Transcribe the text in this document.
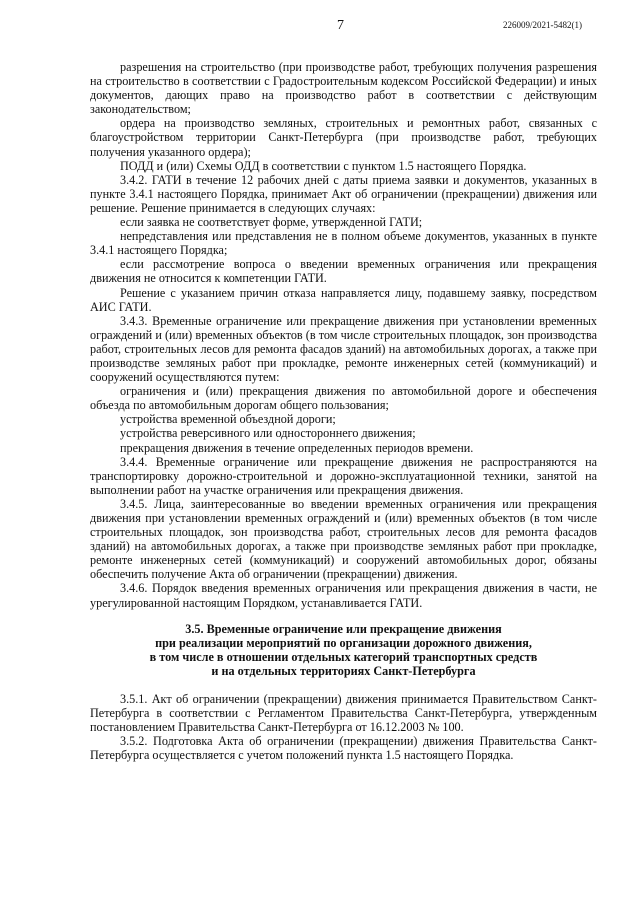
7	226009/2021-5482(1)

разрешения на строительство (при производстве работ, требующих получения разрешения на строительство в соответствии с Градостроительным кодексом Российской Федерации) и иных документов, дающих право на производство работ в соответствии с действующим законодательством;

ордера на производство земляных, строительных и ремонтных работ, связанных с благоустройством территории Санкт-Петербурга (при производстве работ, требующих получения указанного ордера);

ПОДД и (или) Схемы ОДД в соответствии с пунктом 1.5 настоящего Порядка.

3.4.2. ГАТИ в течение 12 рабочих дней с даты приема заявки и документов, указанных в пункте 3.4.1 настоящего Порядка, принимает Акт об ограничении (прекращении) движения или решение. Решение принимается в следующих случаях:

если заявка не соответствует форме, утвержденной ГАТИ;

непредставления или представления не в полном объеме документов, указанных в пункте 3.4.1 настоящего Порядка;

если рассмотрение вопроса о введении временных ограничения или прекращения движения не относится к компетенции ГАТИ.

Решение с указанием причин отказа направляется лицу, подавшему заявку, посредством АИС ГАТИ.

3.4.3. Временные ограничение или прекращение движения при установлении временных ограждений и (или) временных объектов (в том числе строительных площадок, зон производства работ, строительных лесов для ремонта фасадов зданий) на автомобильных дорогах, а также при производстве земляных работ при прокладке, ремонте инженерных сетей (коммуникаций) и сооружений осуществляются путем:

ограничения и (или) прекращения движения по автомобильной дороге и обеспечения объезда по автомобильным дорогам общего пользования;

устройства временной объездной дороги;

устройства реверсивного или одностороннего движения;

прекращения движения в течение определенных периодов времени.

3.4.4. Временные ограничение или прекращение движения не распространяются на транспортировку дорожно-строительной и дорожно-эксплуатационной техники, занятой на выполнении работ на участке ограничения или прекращения движения.

3.4.5. Лица, заинтересованные во введении временных ограничения или прекращения движения при установлении временных ограждений и (или) временных объектов (в том числе строительных площадок, зон производства работ, строительных лесов для ремонта фасадов зданий) на автомобильных дорогах, а также при производстве земляных работ при прокладке, ремонте инженерных сетей (коммуникаций) и сооружений автомобильных дорог, обязаны обеспечить получение Акта об ограничении (прекращении) движения.

3.4.6. Порядок введения временных ограничения или прекращения движения в части, не урегулированной настоящим Порядком, устанавливается ГАТИ.

3.5. Временные ограничение или прекращение движения
при реализации мероприятий по организации дорожного движения,
в том числе в отношении отдельных категорий транспортных средств
и на отдельных территориях Санкт-Петербурга

3.5.1. Акт об ограничении (прекращении) движения принимается Правительством Санкт-Петербурга в соответствии с Регламентом Правительства Санкт-Петербурга, утвержденным постановлением Правительства Санкт-Петербурга от 16.12.2003 № 100.

3.5.2. Подготовка Акта об ограничении (прекращении) движения Правительства Санкт-Петербурга осуществляется с учетом положений пункта 1.5 настоящего Порядка.
